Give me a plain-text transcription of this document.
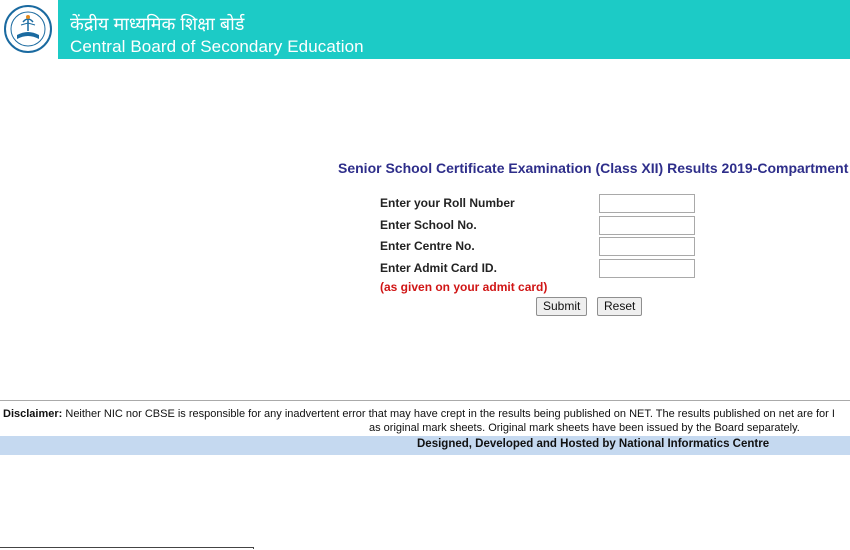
केंद्रीय माध्यमिक शिक्षा बोर्ड
Central Board of Secondary Education
Senior School Certificate Examination (Class XII) Results 2019-Compartment
Enter your Roll Number
Enter School No.
Enter Centre No.
Enter Admit Card ID.
(as given on your admit card)
Submit	Reset
Disclaimer: Neither NIC nor CBSE is responsible for any inadvertent error that may have crept in the results being published on NET. The results published on net are for I
as original mark sheets. Original mark sheets have been issued by the Board separately.
Designed, Developed and Hosted by National Informatics Centre
